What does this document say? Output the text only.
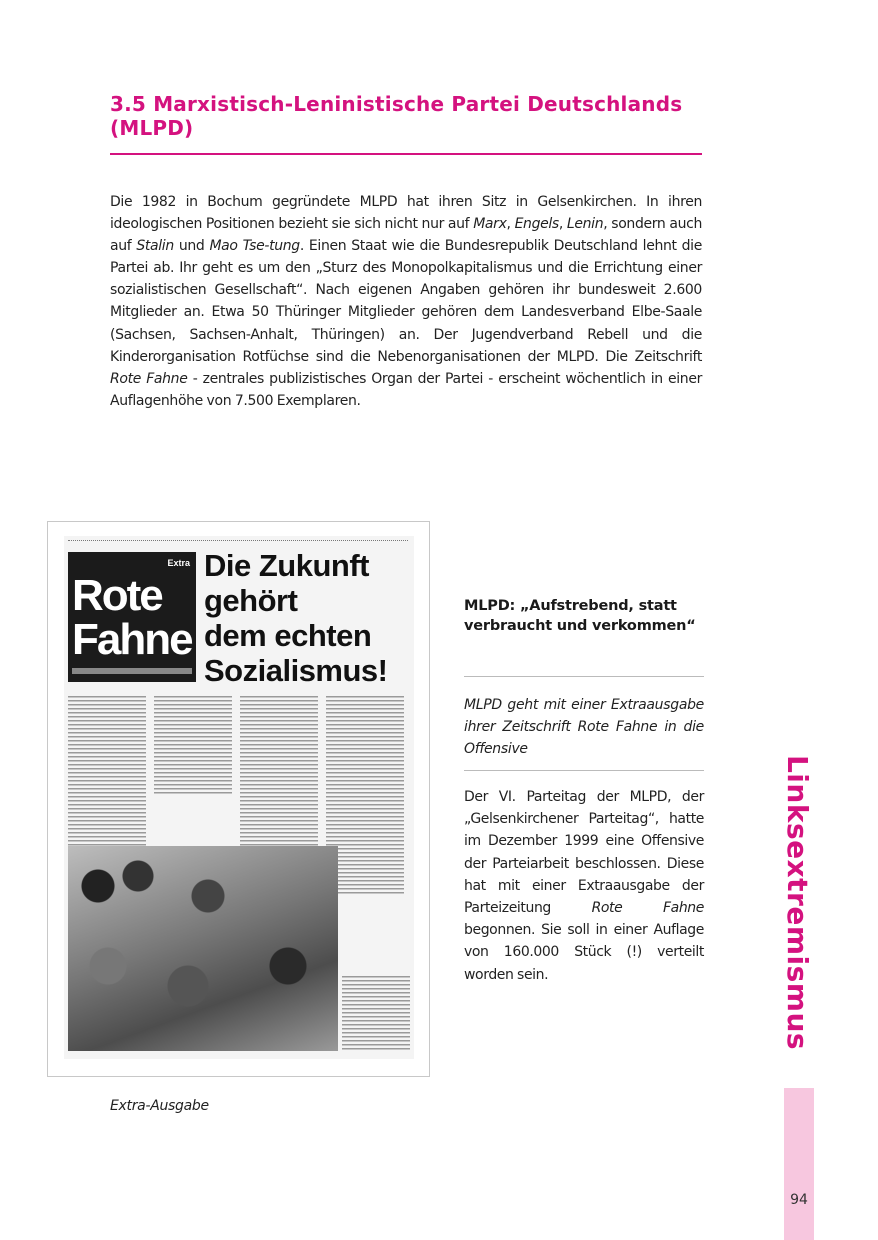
3.5 Marxistisch-Leninistische Partei Deutschlands (MLPD)

Die 1982 in Bochum gegründete MLPD hat ihren Sitz in Gelsenkirchen. In ihren ideologischen Positionen bezieht sie sich nicht nur auf Marx, Engels, Lenin, sondern auch auf Stalin und Mao Tse-tung. Einen Staat wie die Bundesrepublik Deutschland lehnt die Partei ab. Ihr geht es um den „Sturz des Monopolkapitalismus und die Errichtung einer sozialistischen Gesellschaft“. Nach eigenen Angaben gehören ihr bundesweit 2.600 Mitglieder an. Etwa 50 Thüringer Mitglieder gehören dem Landesverband Elbe-Saale (Sachsen, Sachsen-Anhalt, Thüringen) an. Der Jugendverband Rebell und die Kinderorganisation Rotfüchse sind die Nebenorganisationen der MLPD. Die Zeitschrift Rote Fahne - zentrales publizistisches Organ der Partei - erscheint wöchentlich in einer Auflagenhöhe von 7.500 Exemplaren.

Extra
Rote
Fahne
Die Zukunft
gehört
dem echten
Sozialismus!
Extra-Ausgabe
MLPD: „Aufstrebend, statt verbraucht und verkommen“
MLPD geht mit einer Extraausgabe ihrer Zeitschrift Rote Fahne in die Offensive

Der VI. Parteitag der MLPD, der „Gelsenkirchener Parteitag“, hatte im Dezember 1999 eine Offensive der Parteiarbeit beschlossen. Diese hat mit einer Extraausgabe der Parteizeitung Rote Fahne begonnen. Sie soll in einer Auflage von 160.000 Stück (!) verteilt worden sein.	Linksextremismus
94
